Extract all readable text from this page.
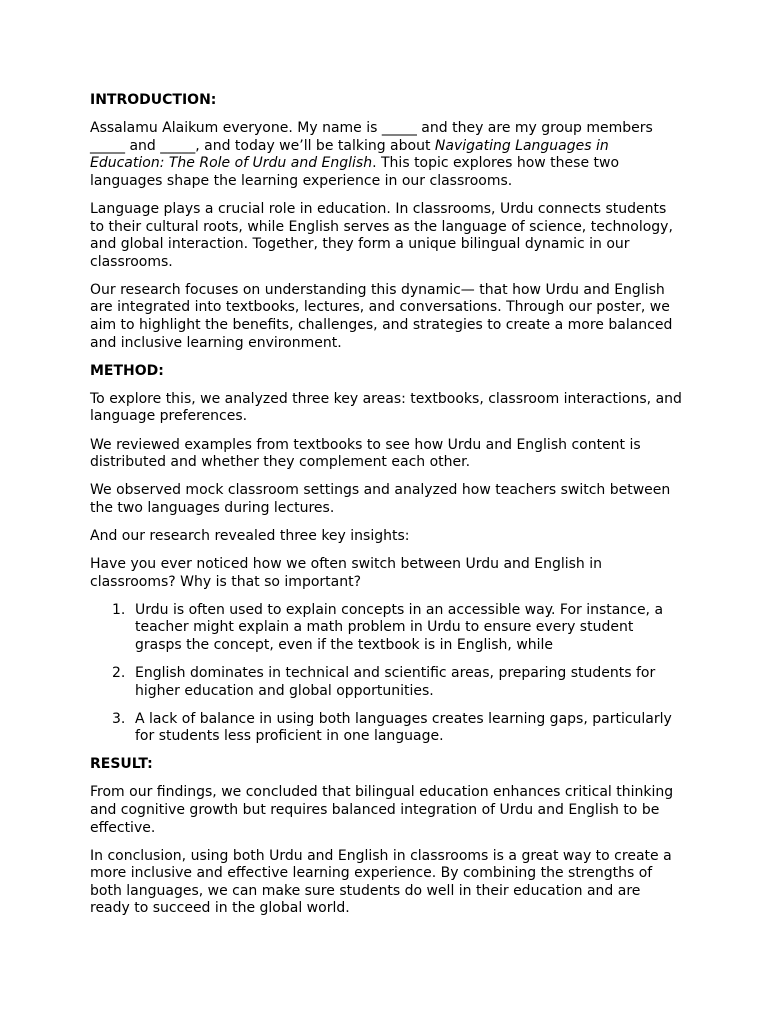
INTRODUCTION:

Assalamu Alaikum everyone. My name is _____ and they are my group members _____ and _____, and today we’ll be talking about Navigating Languages in Education: The Role of Urdu and English. This topic explores how these two languages shape the learning experience in our classrooms.

Language plays a crucial role in education. In classrooms, Urdu connects students to their cultural roots, while English serves as the language of science, technology, and global interaction. Together, they form a unique bilingual dynamic in our classrooms.

Our research focuses on understanding this dynamic— that how Urdu and English are integrated into textbooks, lectures, and conversations. Through our poster, we aim to highlight the benefits, challenges, and strategies to create a more balanced and inclusive learning environment.

METHOD:

To explore this, we analyzed three key areas: textbooks, classroom interactions, and language preferences.

We reviewed examples from textbooks to see how Urdu and English content is distributed and whether they complement each other.

We observed mock classroom settings and analyzed how teachers switch between the two languages during lectures.

And our research revealed three key insights:

Have you ever noticed how we often switch between Urdu and English in classrooms? Why is that so important?

1. Urdu is often used to explain concepts in an accessible way. For instance, a teacher might explain a math problem in Urdu to ensure every student grasps the concept, even if the textbook is in English, while
2. English dominates in technical and scientific areas, preparing students for higher education and global opportunities.
3. A lack of balance in using both languages creates learning gaps, particularly for students less proficient in one language.
RESULT:

From our findings, we concluded that bilingual education enhances critical thinking and cognitive growth but requires balanced integration of Urdu and English to be effective.

In conclusion, using both Urdu and English in classrooms is a great way to create a more inclusive and effective learning experience. By combining the strengths of both languages, we can make sure students do well in their education and are ready to succeed in the global world.
